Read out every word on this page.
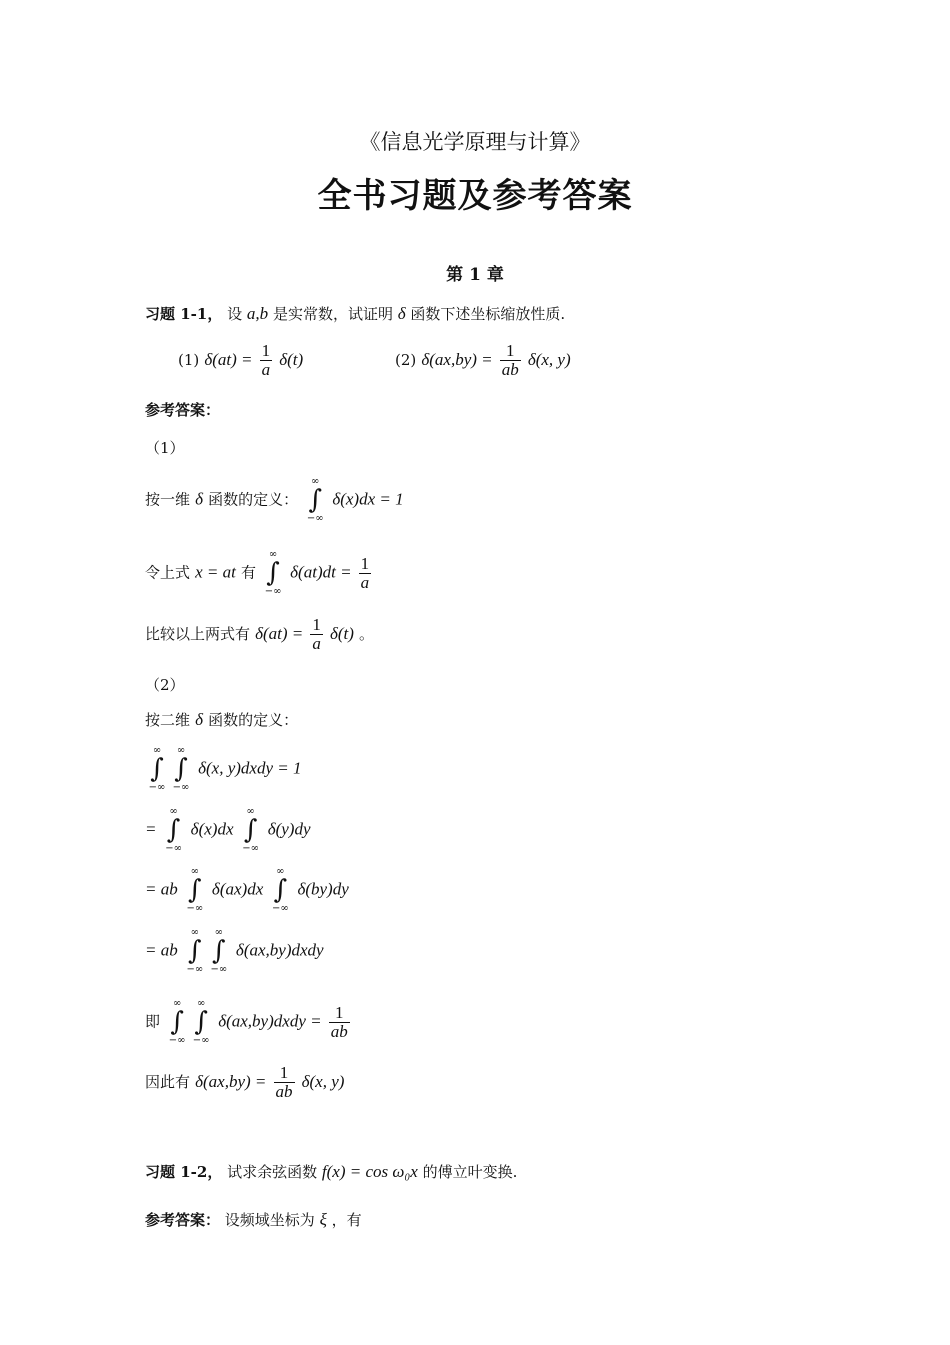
《信息光学原理与计算》
全书习题及参考答案
第 1 章
习题 1-1， 设 a,b 是实常数，试证明 δ 函数下述坐标缩放性质.
(1) $\delta(at) = \frac{1}{a} \delta(t)$	(2) $\delta(ax,by) = \frac{1}{ab} \delta(x$, y)
参考答案：
（1）
按一维 δ 函数的定义：
∞
∫
−∞
δ(x)dx = 1
令上式 x = at 有
∞
∫
−∞
$\delta(at)dt = \frac{1}{a}$
比较以上两式有 $\delta(at) = \frac{1}{a} \delta(t)$ 。
（2）
按二维 δ 函数的定义：
∞
∫
−∞
∞
∫
−∞
δ(x, y)dxdy = 1
=
∞
∫
−∞
δ(x)dx
∞
∫
−∞
δ(y)dy
= ab
∞
∫
−∞
δ(ax)dx
∞
∫
−∞
δ(by)dy
= ab
∞
∫
−∞
∞
∫
−∞
δ(ax,by)dxdy
即
∞
∫
−∞
∞
∫
−∞
δ(ax,by)dxdy = $\frac{1}{ab}$
因此有 $\delta(ax,by) = \frac{1}{ab} \delta(x$, y)
习题 1-2， 试求余弦函数 f(x) = cos ω₀x 的傅立叶变换.
参考答案： 设频域坐标为 ξ ，有
